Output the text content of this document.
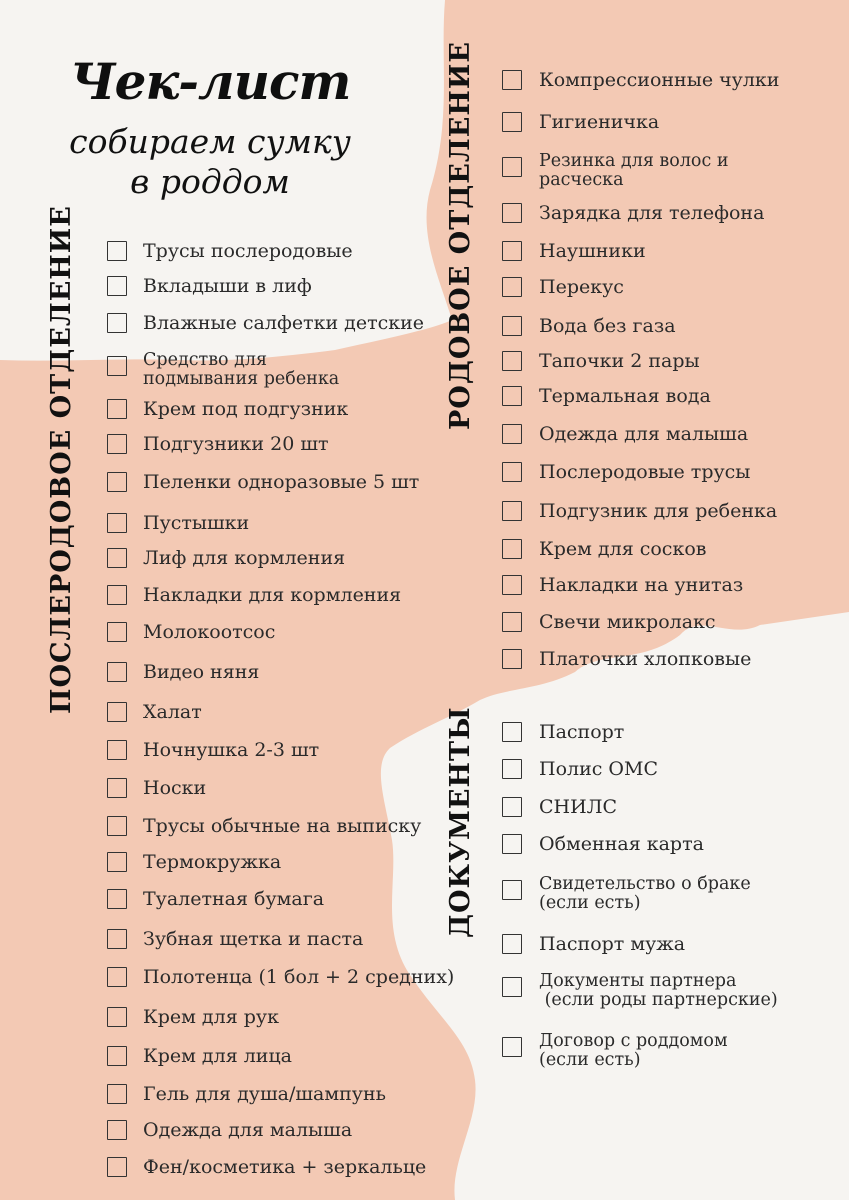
Чек-лист
собираем сумку
в роддом
ПОСЛЕРОДОВОЕ ОТДЕЛЕНИЕ	РОДОВОЕ ОТДЕЛЕНИЕ
ДОКУМЕНТЫ
Трусы послеродовые
Вкладыши в лиф
Влажные салфетки детские
Средство для
подмывания ребенка
Крем под подгузник
Подгузники 20 шт
Пеленки одноразовые 5 шт
Пустышки
Лиф для кормления
Накладки для кормления
Молокоотсос
Видео няня
Халат
Ночнушка 2-3 шт
Носки
Трусы обычные на выписку
Термокружка
Туалетная бумага
Зубная щетка и паста
Полотенца (1 бол + 2 средних)
Крем для рук
Крем для лица
Гель для душа/шампунь
Одежда для малыша
Фен/косметика + зеркальце
Компрессионные чулки
Гигиеничка
Резинка для волос и
расческа
Зарядка для телефона
Наушники
Перекус
Вода без газа
Тапочки 2 пары
Термальная вода
Одежда для малыша
Послеродовые трусы
Подгузник для ребенка
Крем для сосков
Накладки на унитаз
Свечи микролакс
Платочки хлопковые
Паспорт
Полис ОМС
СНИЛС
Обменная карта
Свидетельство о браке
(если есть)
Паспорт мужа
Документы партнера
(если роды партнерские)
Договор с роддомом
(если есть)
